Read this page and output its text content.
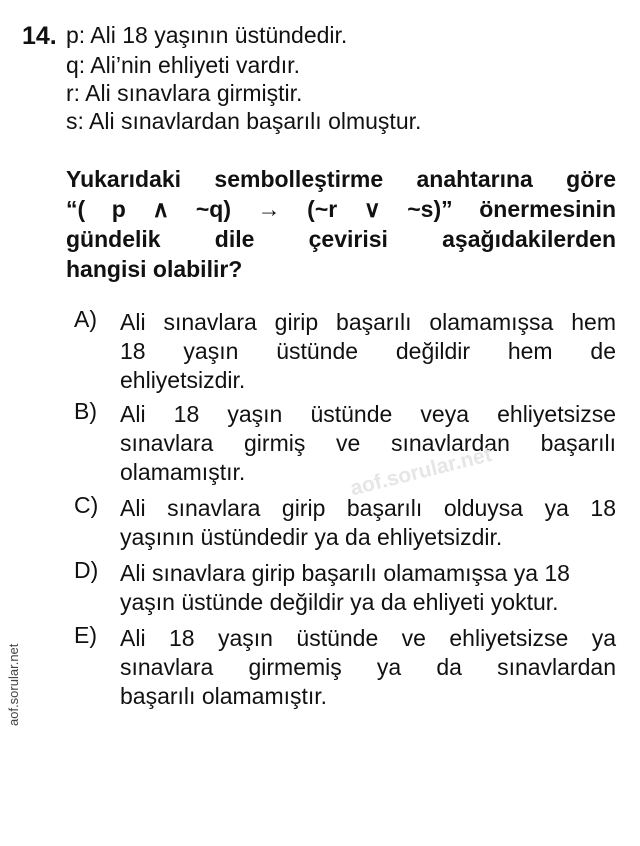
14. p: Ali 18 yaşının üstündedir.
q: Ali’nin ehliyeti vardır.
r: Ali sınavlara girmiştir.
s: Ali sınavlardan başarılı olmuştur.
Yukarıdaki sembolleştirme anahtarına göre
“( p ∧ ~q) → (~r ∨ ~s)” önermesinin
gündelik dile çevirisi aşağıdakilerden
hangisi olabilir?
A) Ali sınavlara girip başarılı olamamışsa hem
18 yaşın üstünde değildir hem de
ehliyetsizdir.
B) Ali 18 yaşın üstünde veya ehliyetsizse
sınavlara girmiş ve sınavlardan başarılı
olamamıştır.	aof.sorular.net
C) Ali sınavlara girip başarılı olduysa ya 18
yaşının üstündedir ya da ehliyetsizdir.
D) Ali sınavlara girip başarılı olamamışsa ya 18
yaşın üstünde değildir ya da ehliyeti yoktur.
E) Ali 18 yaşın üstünde ve ehliyetsizse ya
sınavlara girmemiş ya da sınavlardan
başarılı olamamıştır.
aof.sorular.net
